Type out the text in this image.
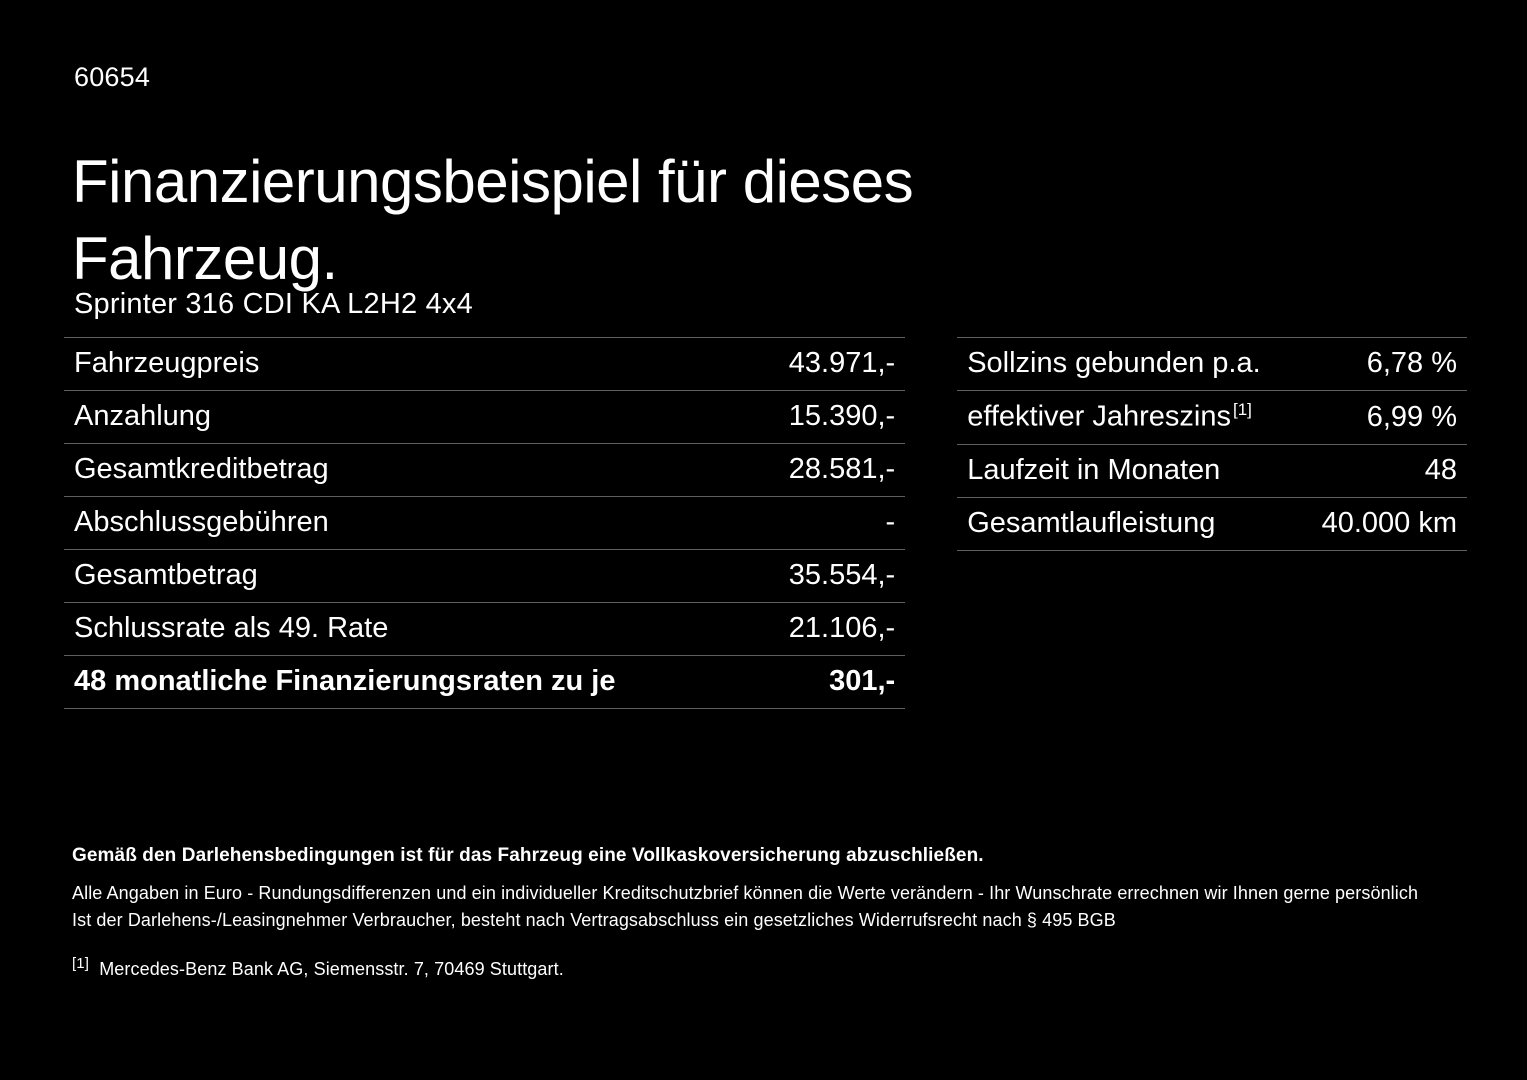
60654
Finanzierungsbeispiel für dieses Fahrzeug.
Sprinter 316 CDI KA L2H2 4x4
Fahrzeugpreis	43.971,-
Anzahlung	15.390,-
Gesamtkreditbetrag	28.581,-
Abschlussgebühren	-
Gesamtbetrag	35.554,-
Schlussrate als 49. Rate	21.106,-
48 monatliche Finanzierungsraten zu je	301,-
Sollzins gebunden p.a.	6,78 %
effektiver Jahreszins [1]	6,99 %
Laufzeit in Monaten	48
Gesamtlaufleistung	40.000 km
Gemäß den Darlehensbedingungen ist für das Fahrzeug eine Vollkaskoversicherung abzuschließen.
Alle Angaben in Euro - Rundungsdifferenzen und ein individueller Kreditschutzbrief können die Werte verändern - Ihr Wunschrate errechnen wir Ihnen gerne persönlich
Ist der Darlehens-/Leasingnehmer Verbraucher, besteht nach Vertragsabschluss ein gesetzliches Widerrufsrecht nach § 495 BGB
[1] Mercedes-Benz Bank AG, Siemensstr. 7, 70469 Stuttgart.
